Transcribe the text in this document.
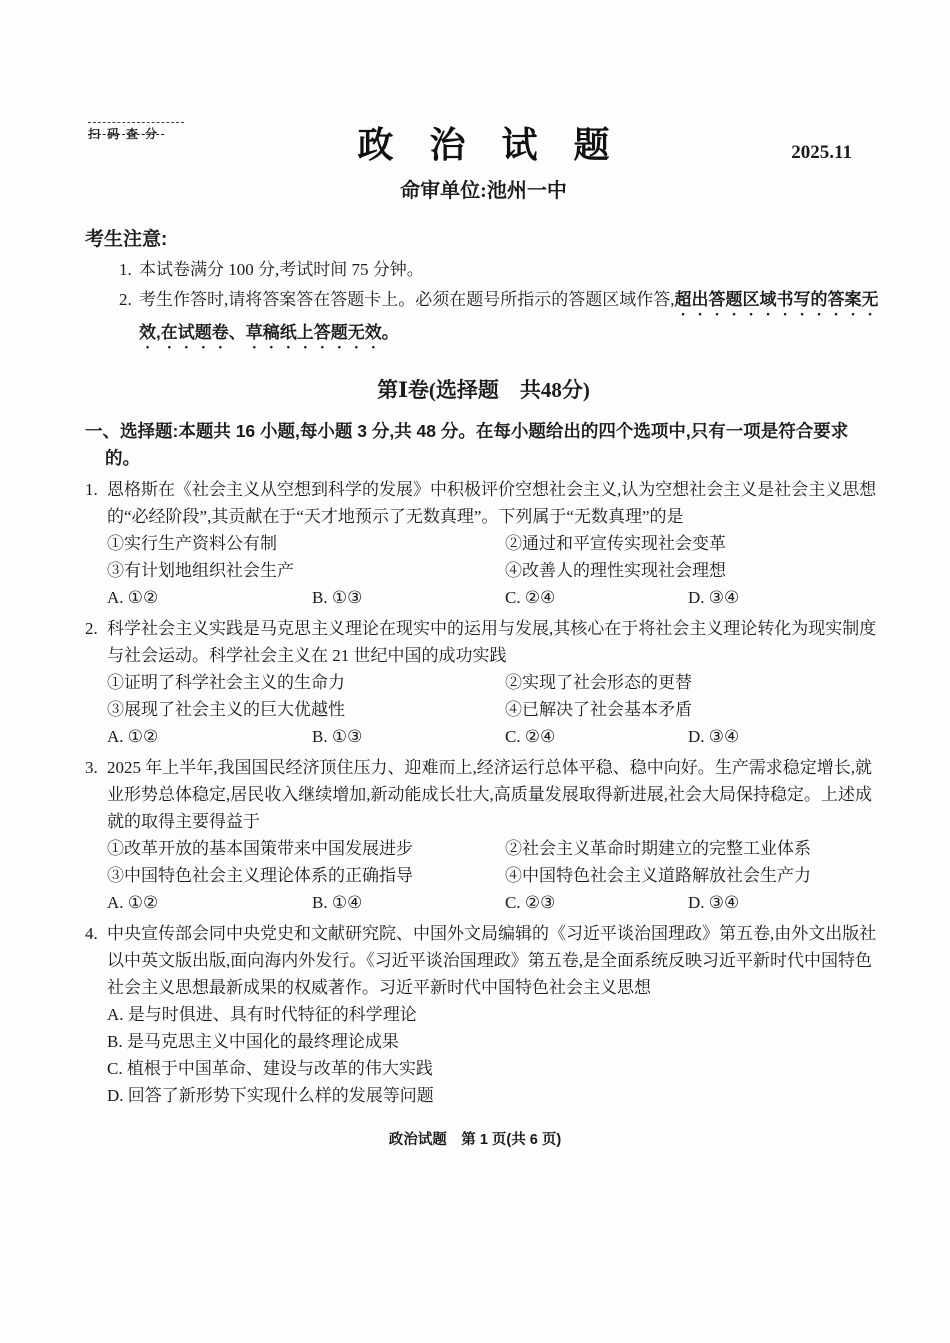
扫码查分	政　治　试　题	2025.11
命审单位:池州一中
考生注意:
1. 本试卷满分 100 分,考试时间 75 分钟。
2. 考生作答时,请将答案答在答题卡上。必须在题号所指示的答题区域作答,超出答题区域书写的答案无效,在试题卷、草稿纸上答题无效。
第Ⅰ卷(选择题　共48分)
一、选择题:本题共 16 小题,每小题 3 分,共 48 分。在每小题给出的四个选项中,只有一项是符合要求的。
1. 恩格斯在《社会主义从空想到科学的发展》中积极评价空想社会主义,认为空想社会主义是社会主义思想的“必经阶段”,其贡献在于“天才地预示了无数真理”。下列属于“无数真理”的是
①实行生产资料公有制	②通过和平宣传实现社会变革
③有计划地组织社会生产	④改善人的理性实现社会理想
A. ①②	B. ①③	C. ②④	D. ③④
2. 科学社会主义实践是马克思主义理论在现实中的运用与发展,其核心在于将社会主义理论转化为现实制度与社会运动。科学社会主义在 21 世纪中国的成功实践
①证明了科学社会主义的生命力	②实现了社会形态的更替
③展现了社会主义的巨大优越性	④已解决了社会基本矛盾
A. ①②	B. ①③	C. ②④	D. ③④
3. 2025 年上半年,我国国民经济顶住压力、迎难而上,经济运行总体平稳、稳中向好。生产需求稳定增长,就业形势总体稳定,居民收入继续增加,新动能成长壮大,高质量发展取得新进展,社会大局保持稳定。上述成就的取得主要得益于
①改革开放的基本国策带来中国发展进步	②社会主义革命时期建立的完整工业体系
③中国特色社会主义理论体系的正确指导	④中国特色社会主义道路解放社会生产力
A. ①②	B. ①④	C. ②③	D. ③④
4. 中央宣传部会同中央党史和文献研究院、中国外文局编辑的《习近平谈治国理政》第五卷,由外文出版社以中英文版出版,面向海内外发行。《习近平谈治国理政》第五卷,是全面系统反映习近平新时代中国特色社会主义思想最新成果的权威著作。习近平新时代中国特色社会主义思想
A. 是与时俱进、具有时代特征的科学理论
B. 是马克思主义中国化的最终理论成果
C. 植根于中国革命、建设与改革的伟大实践
D. 回答了新形势下实现什么样的发展等问题
政治试题　第 1 页(共 6 页)
